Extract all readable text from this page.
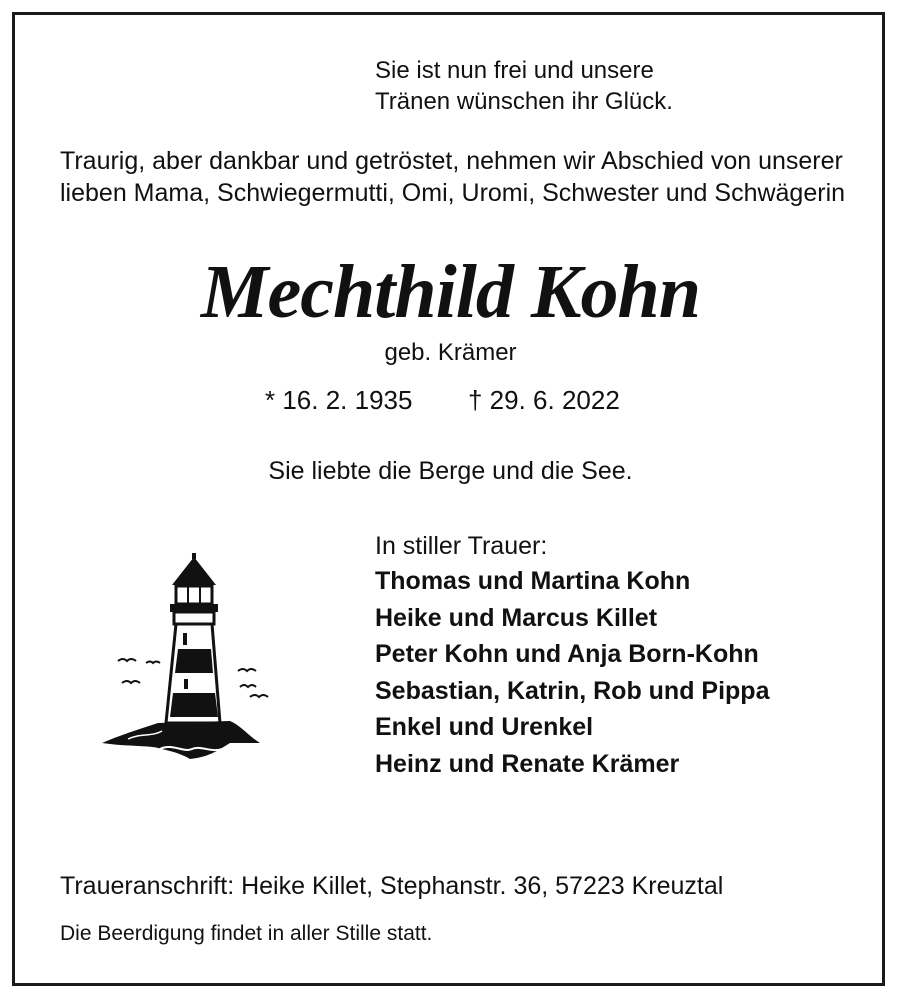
Sie ist nun frei und unsere
Tränen wünschen ihr Glück.
Traurig, aber dankbar und getröstet, nehmen wir Abschied von unserer lieben Mama, Schwiegermutti, Omi, Uromi, Schwester und Schwägerin
Mechthild Kohn
geb. Krämer
* 16. 2. 1935 † 29. 6. 2022
Sie liebte die Berge und die See.
In stiller Trauer:
Thomas und Martina Kohn
Heike und Marcus Killet
Peter Kohn und Anja Born-Kohn
Sebastian, Katrin, Rob und Pippa
Enkel und Urenkel
Heinz und Renate Krämer
Traueranschrift: Heike Killet, Stephanstr. 36, 57223 Kreuztal
Die Beerdigung findet in aller Stille statt.
